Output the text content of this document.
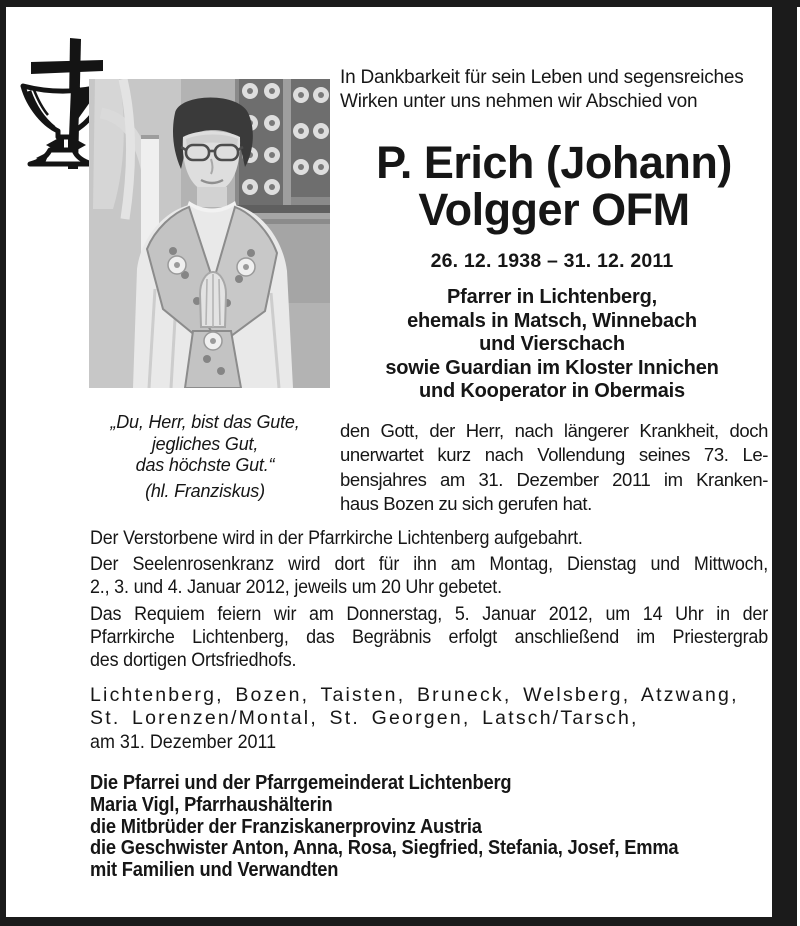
In Dankbarkeit für sein Leben und segensreiches
Wirken unter uns nehmen wir Abschied von
P. Erich (Johann)
Volgger OFM
26. 12. 1938 – 31. 12. 2011
Pfarrer in Lichtenberg,
ehemals in Matsch, Winnebach
und Vierschach
sowie Guardian im Kloster Innichen
und Kooperator in Obermais
„Du, Herr, bist das Gute,
jegliches Gut,
das höchste Gut.“
(hl. Franziskus)
den Gott, der Herr, nach längerer Krankheit, doch
unerwartet kurz nach Vollendung seines 73. Le-
bensjahres am 31. Dezember 2011 im Kranken-
haus Bozen zu sich gerufen hat.
Der Verstorbene wird in der Pfarrkirche Lichtenberg aufgebahrt.
Der Seelenrosenkranz wird dort für ihn am Montag, Dienstag und Mittwoch,
2., 3. und 4. Januar 2012, jeweils um 20 Uhr gebetet.
Das Requiem feiern wir am Donnerstag, 5. Januar 2012, um 14 Uhr in der
Pfarrkirche Lichtenberg, das Begräbnis erfolgt anschließend im Priestergrab
des dortigen Ortsfriedhofs.
Lichtenberg, Bozen, Taisten, Bruneck, Welsberg, Atzwang,
St. Lorenzen/Montal, St. Georgen, Latsch/Tarsch,
am 31. Dezember 2011
Die Pfarrei und der Pfarrgemeinderat Lichtenberg
Maria Vigl, Pfarrhaushälterin
die Mitbrüder der Franziskanerprovinz Austria
die Geschwister Anton, Anna, Rosa, Siegfried, Stefania, Josef, Emma
mit Familien und Verwandten
